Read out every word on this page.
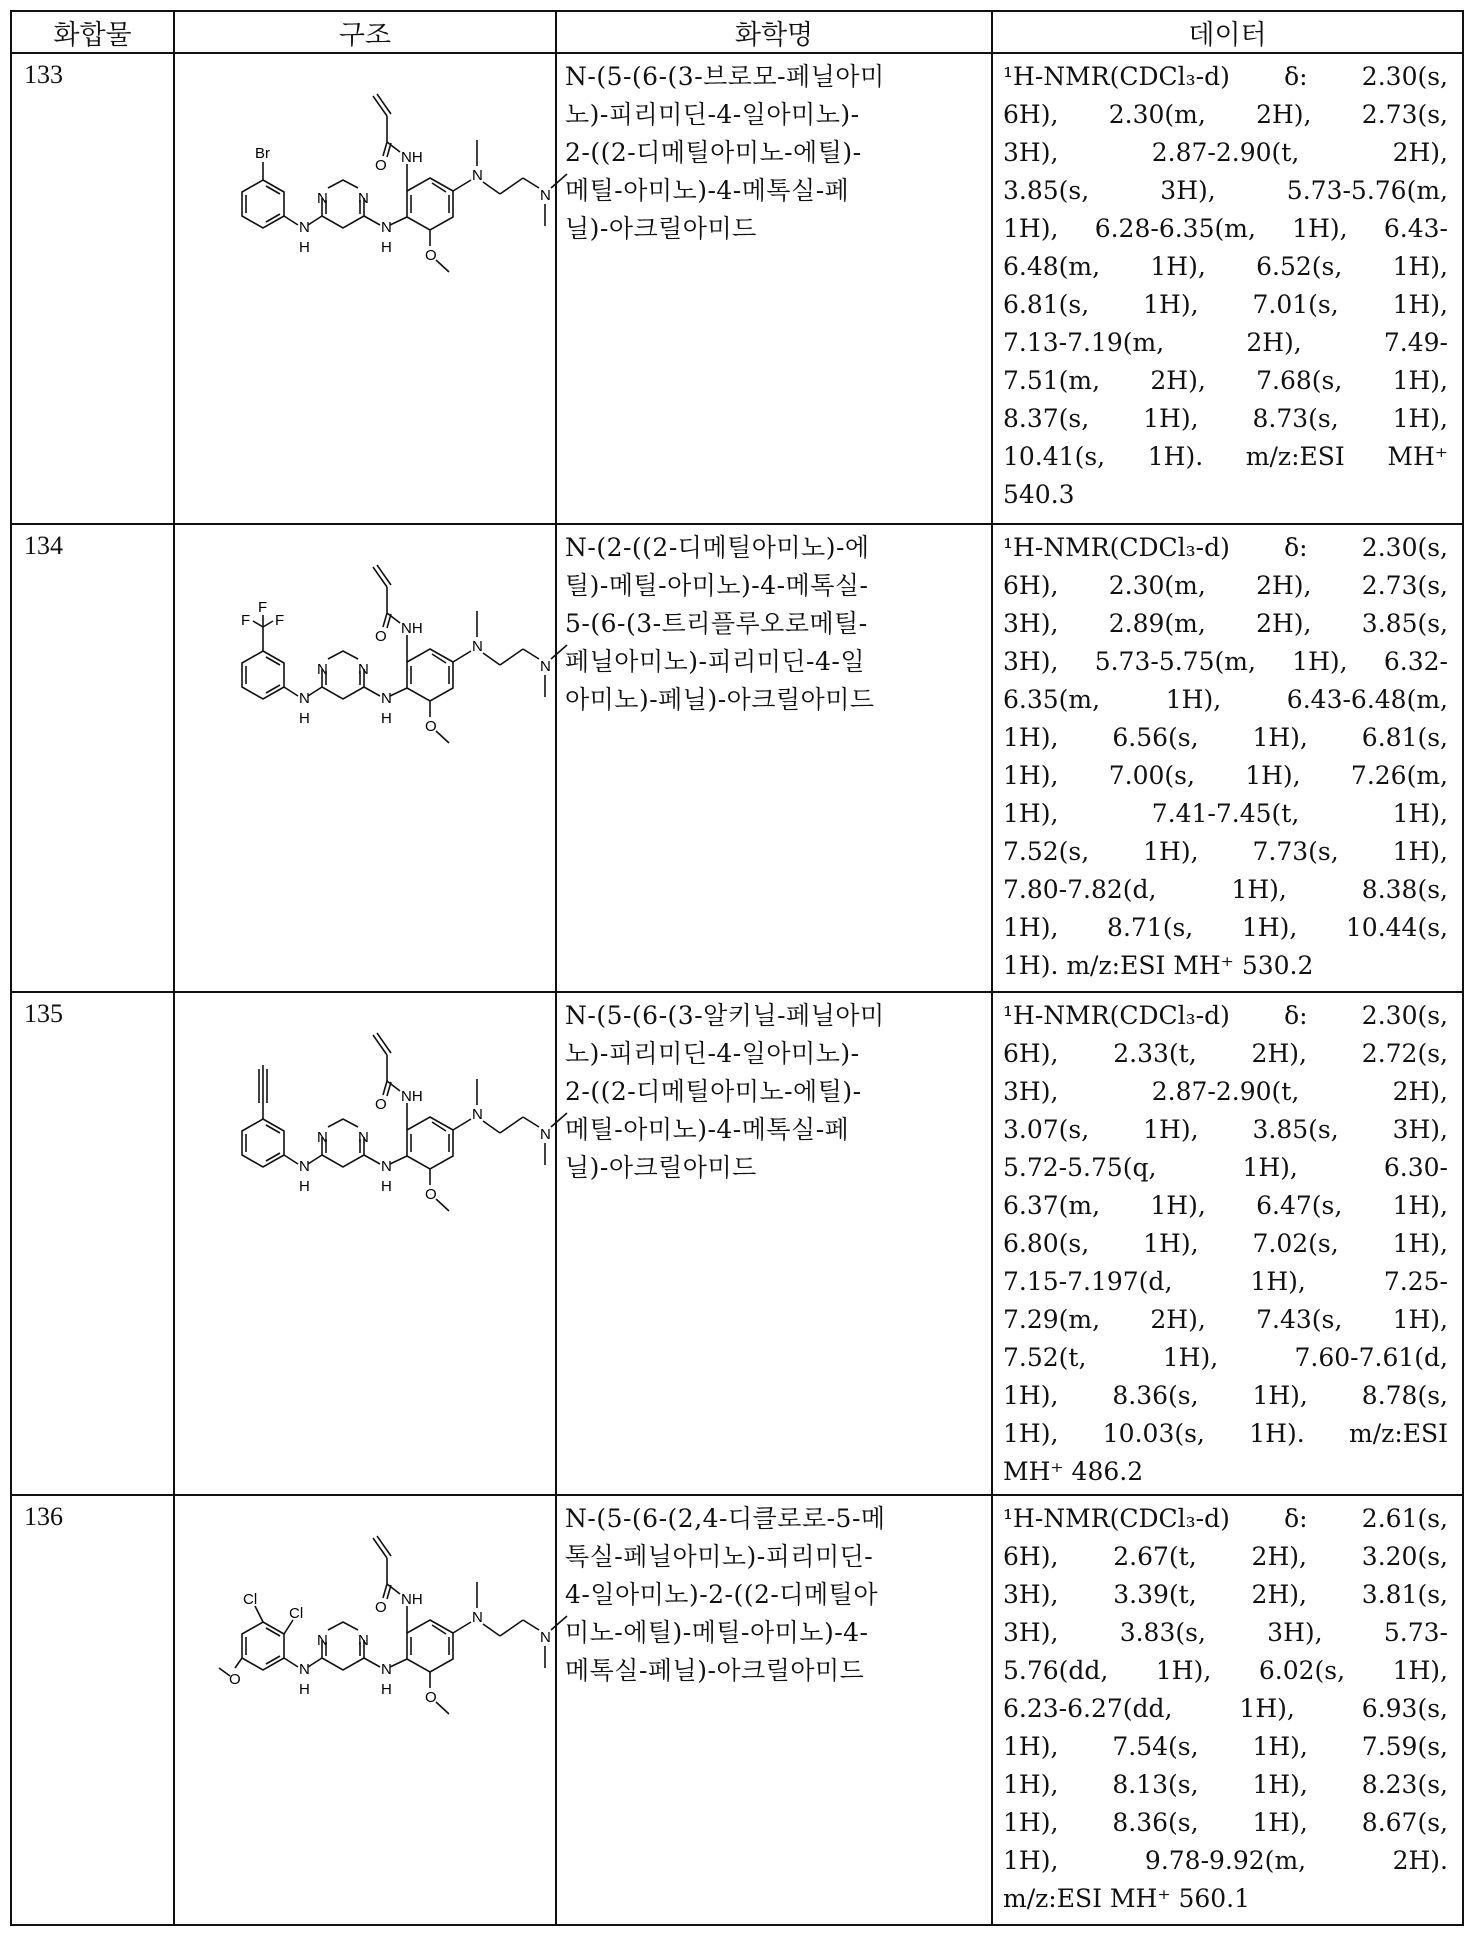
화합물	구조	화학명	데이터
133	
Br
N
H
N N
N
H
NH
O
N
N
O

N-(5-(6-(3-브로모-페닐아미
노)-피리미딘-4-일아미노)-
2-((2-디메틸아미노-에틸)-
메틸-아미노)-4-메톡실-페
닐)-아크릴아미드

¹H-NMR(CDCl₃-d) δ: 2.30(s,
6H), 2.30(m, 2H), 2.73(s,
3H), 2.87-2.90(t, 2H),
3.85(s, 3H), 5.73-5.76(m,
1H), 6.28-6.35(m, 1H), 6.43-
6.48(m, 1H), 6.52(s, 1H),
6.81(s, 1H), 7.01(s, 1H),
7.13-7.19(m, 2H), 7.49-
7.51(m, 2H), 7.68(s, 1H),
8.37(s, 1H), 8.73(s, 1H),
10.41(s, 1H). m/z:ESI MH⁺
540.3

134	
F F
F
N
H
N N
N
H
NH
O
N
N
O

N-(2-((2-디메틸아미노)-에
틸)-메틸-아미노)-4-메톡실-
5-(6-(3-트리플루오로메틸-
페닐아미노)-피리미딘-4-일
아미노)-페닐)-아크릴아미드

¹H-NMR(CDCl₃-d) δ: 2.30(s,
6H), 2.30(m, 2H), 2.73(s,
3H), 2.89(m, 2H), 3.85(s,
3H), 5.73-5.75(m, 1H), 6.32-
6.35(m, 1H), 6.43-6.48(m,
1H), 6.56(s, 1H), 6.81(s,
1H), 7.00(s, 1H), 7.26(m,
1H), 7.41-7.45(t, 1H),
7.52(s, 1H), 7.73(s, 1H),
7.80-7.82(d, 1H), 8.38(s,
1H), 8.71(s, 1H), 10.44(s,
1H). m/z:ESI MH⁺ 530.2

135	
N
H
N N
N
H
NH
O
N
N
O

N-(5-(6-(3-알키닐-페닐아미
노)-피리미딘-4-일아미노)-
2-((2-디메틸아미노-에틸)-
메틸-아미노)-4-메톡실-페
닐)-아크릴아미드

¹H-NMR(CDCl₃-d) δ: 2.30(s,
6H), 2.33(t, 2H), 2.72(s,
3H), 2.87-2.90(t, 2H),
3.07(s, 1H), 3.85(s, 3H),
5.72-5.75(q, 1H), 6.30-
6.37(m, 1H), 6.47(s, 1H),
6.80(s, 1H), 7.02(s, 1H),
7.15-7.197(d, 1H), 7.25-
7.29(m, 2H), 7.43(s, 1H),
7.52(t, 1H), 7.60-7.61(d,
1H), 8.36(s, 1H), 8.78(s,
1H), 10.03(s, 1H). m/z:ESI
MH⁺ 486.2

136	
Cl
Cl
O
N
H
N N
N
H
NH
O
N
N
O

N-(5-(6-(2,4-디클로로-5-메
톡실-페닐아미노)-피리미딘-
4-일아미노)-2-((2-디메틸아
미노-에틸)-메틸-아미노)-4-
메톡실-페닐)-아크릴아미드

¹H-NMR(CDCl₃-d) δ: 2.61(s,
6H), 2.67(t, 2H), 3.20(s,
3H), 3.39(t, 2H), 3.81(s,
3H), 3.83(s, 3H), 5.73-
5.76(dd, 1H), 6.02(s, 1H),
6.23-6.27(dd, 1H), 6.93(s,
1H), 7.54(s, 1H), 7.59(s,
1H), 8.13(s, 1H), 8.23(s,
1H), 8.36(s, 1H), 8.67(s,
1H), 9.78-9.92(m, 2H).
m/z:ESI MH⁺ 560.1
